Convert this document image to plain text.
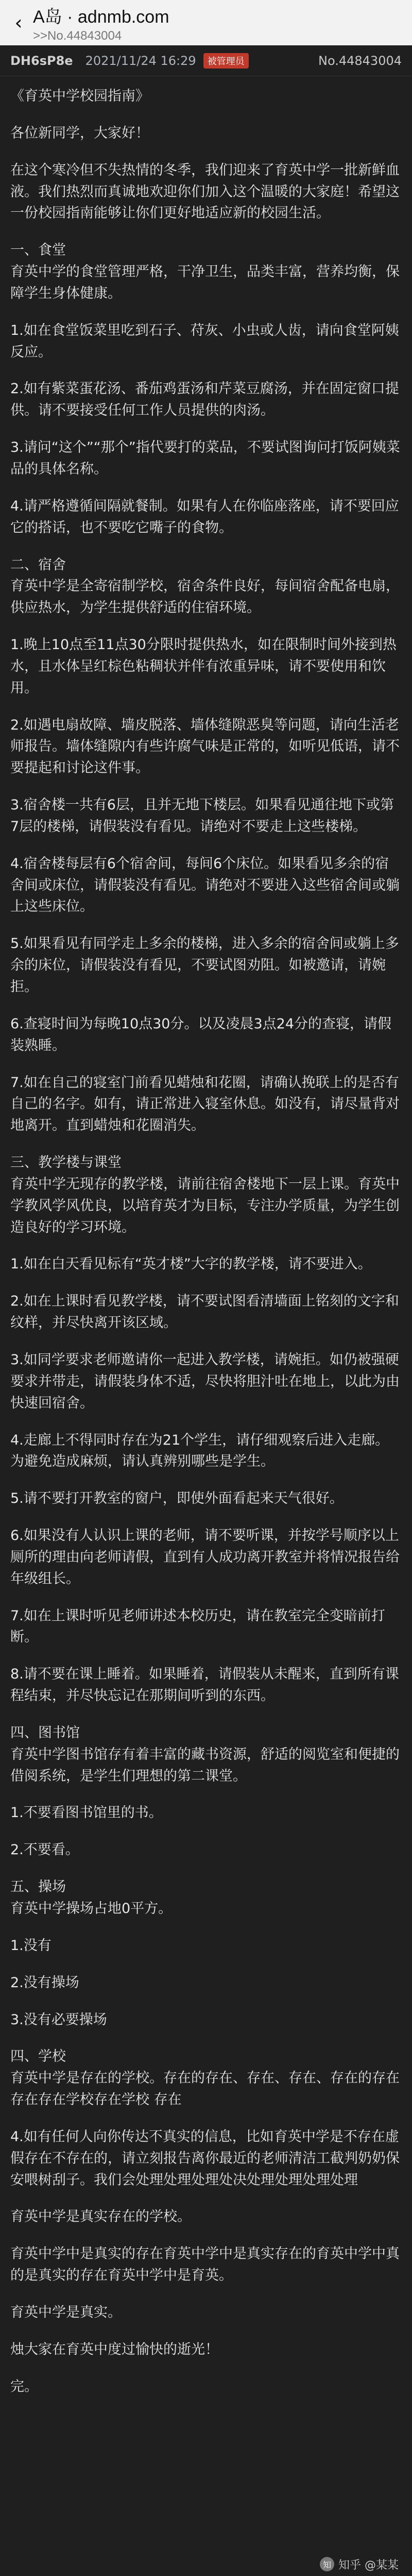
‹ A岛 · adnmb.com
>>No.44843004
DH6sP8e 2021/11/24 16:29	被管理员	No.44843004

《育英中学校园指南》

各位新同学，大家好！

在这个寒冷但不失热情的冬季，我们迎来了育英中学一批新鲜血液。我们热烈而真诚地欢迎你们加入这个温暖的大家庭！希望这一份校园指南能够让你们更好地适应新的校园生活。

一、食堂
育英中学的食堂管理严格，干净卫生，品类丰富，营养均衡，保障学生身体健康。

1.如在食堂饭菜里吃到石子、苻灰、小虫或人齿，请向食堂阿姨反应。

2.如有紫菜蛋花汤、番茄鸡蛋汤和芹菜豆腐汤，并在固定窗口提供。请不要接受任何工作人员提供的肉汤。

3.请问“这个”“那个”指代要打的菜品，不要试图询问打饭阿姨菜品的具体名称。

4.请严格遵循间隔就餐制。如果有人在你临座落座，请不要回应它的搭话，也不要吃它嘴子的食物。

二、宿舍
育英中学是全寄宿制学校，宿舍条件良好，每间宿舍配备电扇，供应热水，为学生提供舒适的住宿环境。

1.晚上10点至11点30分限时提供热水，如在限制时间外接到热水，且水体呈红棕色粘稠状并伴有浓重异味，请不要使用和饮用。

2.如遇电扇故障、墙皮脱落、墙体缝隙恶臭等问题，请向生活老师报告。墙体缝隙内有些许腐气味是正常的，如听见低语，请不要提起和讨论这件事。

3.宿舍楼一共有6层，且并无地下楼层。如果看见通往地下或第7层的楼梯，请假装没有看见。请绝对不要走上这些楼梯。

4.宿舍楼每层有6个宿舍间，每间6个床位。如果看见多余的宿舍间或床位，请假装没有看见。请绝对不要进入这些宿舍间或躺上这些床位。

5.如果看见有同学走上多余的楼梯，进入多余的宿舍间或躺上多余的床位，请假装没有看见，不要试图劝阻。如被邀请，请婉拒。

6.查寝时间为每晚10点30分。以及凌晨3点24分的查寝，请假装熟睡。

7.如在自己的寝室门前看见蜡烛和花圈，请确认挽联上的是否有自己的名字。如有，请正常进入寝室休息。如没有，请尽量背对地离开。直到蜡烛和花圈消失。

三、教学楼与课堂
育英中学无现存的教学楼，请前往宿舍楼地下一层上课。育英中学教风学风优良，以培育英才为目标，专注办学质量，为学生创造良好的学习环境。

1.如在白天看见标有“英才楼”大字的教学楼，请不要进入。

2.如在上课时看见教学楼，请不要试图看清墙面上铭刻的文字和纹样，并尽快离开该区域。

3.如同学要求老师邀请你一起进入教学楼，请婉拒。如仍被强硬要求并带走，请假装身体不适，尽快将胆汁吐在地上，以此为由快速回宿舍。

4.走廊上不得同时存在为21个学生，请仔细观察后进入走廊。为避免造成麻烦，请认真辨别哪些是学生。

5.请不要打开教室的窗户，即使外面看起来天气很好。

6.如果没有人认识上课的老师，请不要听课，并按学号顺序以上厕所的理由向老师请假，直到有人成功离开教室并将情况报告给年级组长。

7.如在上课时听见老师讲述本校历史，请在教室完全变暗前打断。

8.请不要在课上睡着。如果睡着，请假装从未醒来，直到所有课程结束，并尽快忘记在那期间听到的东西。

四、图书馆
育英中学图书馆存有着丰富的藏书资源，舒适的阅览室和便捷的借阅系统，是学生们理想的第二课堂。

1.不要看图书馆里的书。

2.不要看。

五、操场
育英中学操场占地0平方。

1.没有

2.没有操场

3.没有必要操场

四、学校
育英中学是存在的学校。存在的存在、存在、存在、存在的存在存在存在学校存在学校 存在

4.如有任何人向你传达不真实的信息，比如育英中学是不存在虚假存在不存在的，请立刻报告离你最近的老师清洁工截判奶奶保安喂树刮子。我们会处理处理处理处决处理处理处理处理

育英中学是真实存在的学校。

育英中学中是真实的存在育英中学中是真实存在的育英中学中真的是真实的存在育英中学中是育英。

育英中学是真实。

烛大家在育英中度过愉快的逝光！

完。

知 知乎 @某某
